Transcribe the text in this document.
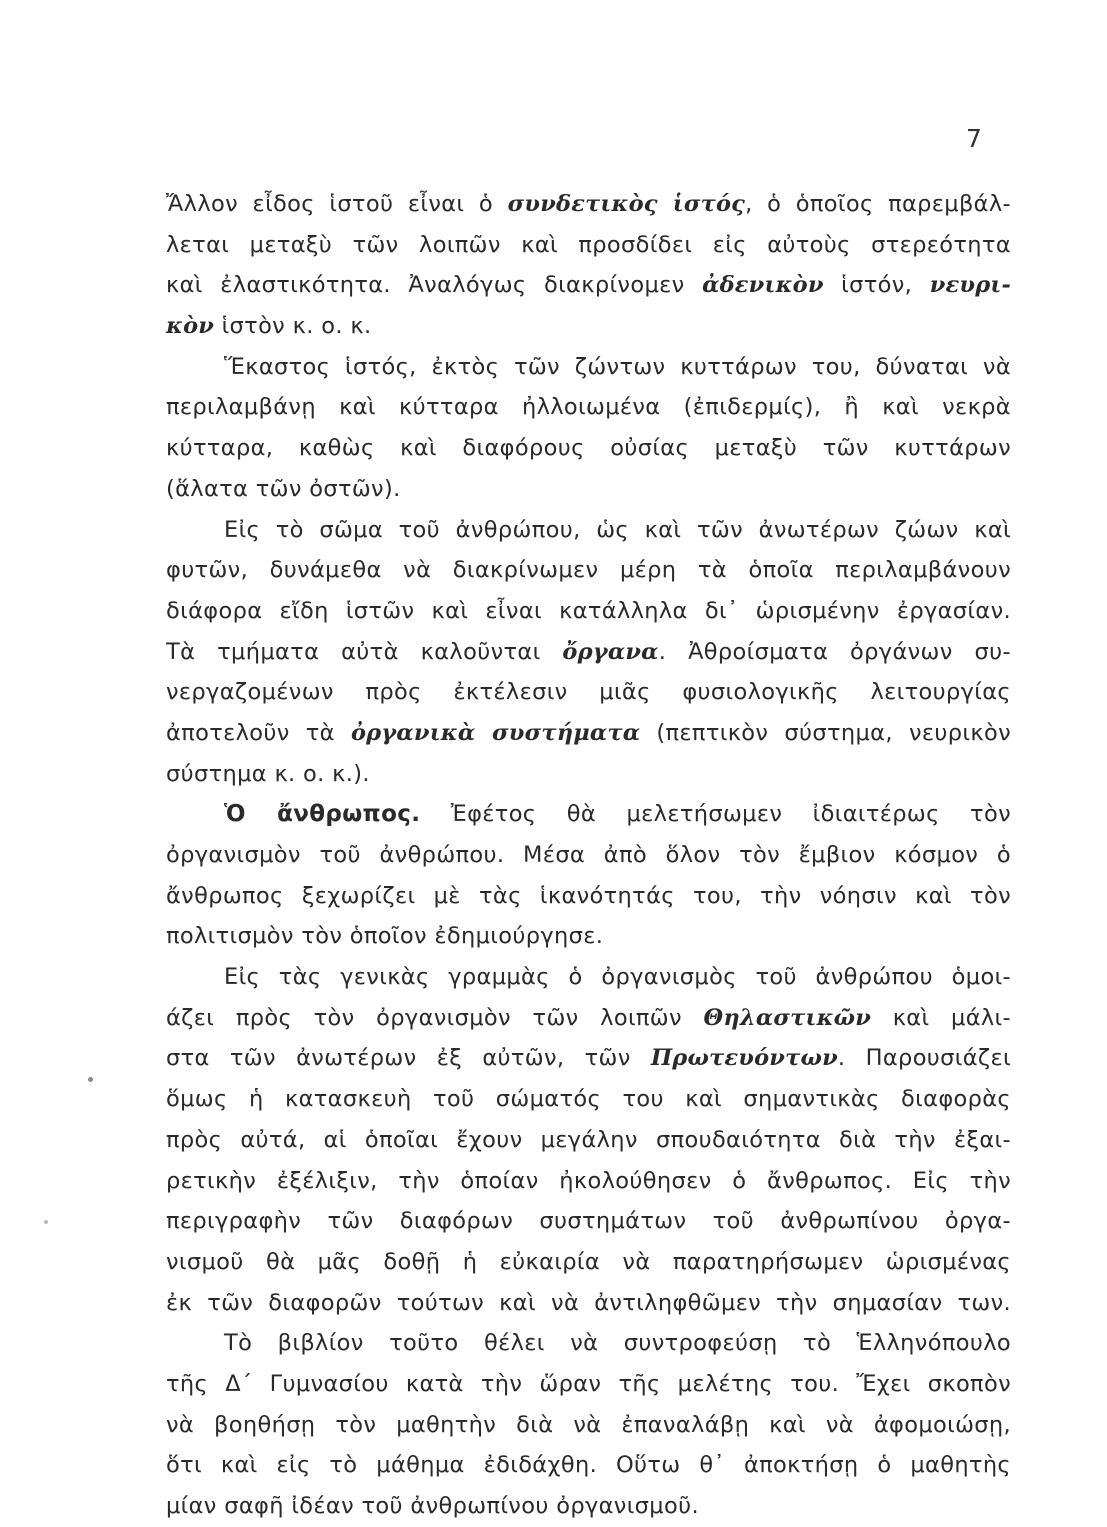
7
Ἄλλον εἶδος ἱστοῦ εἶναι ὁ συνδετικὸς ἱστός, ὁ ὁποῖος παρεμβάλ-
λεται μεταξὺ τῶν λοιπῶν καὶ προσδίδει εἰς αὐτοὺς στερεότητα
καὶ ἐλαστικότητα. Ἀναλόγως διακρίνομεν ἀδενικὸν ἱστόν, νευρι-
κὸν ἱστὸν κ. ο. κ.
Ἕκαστος ἱστός, ἐκτὸς τῶν ζώντων κυττάρων του, δύναται νὰ
περιλαμβάνῃ καὶ κύτταρα ἠλλοιωμένα (ἐπιδερμίς), ἢ καὶ νεκρὰ
κύτταρα, καθὼς καὶ διαφόρους οὐσίας μεταξὺ τῶν κυττάρων
(ἅλατα τῶν ὀστῶν).
Εἰς τὸ σῶμα τοῦ ἀνθρώπου, ὡς καὶ τῶν ἀνωτέρων ζώων καὶ
φυτῶν, δυνάμεθα νὰ διακρίνωμεν μέρη τὰ ὁποῖα περιλαμβάνουν
διάφορα εἴδη ἱστῶν καὶ εἶναι κατάλληλα δι᾿ ὡρισμένην ἐργασίαν.
Τὰ τμήματα αὐτὰ καλοῦνται ὄργανα. Ἀθροίσματα ὀργάνων συ-
νεργαζομένων πρὸς ἐκτέλεσιν μιᾶς φυσιολογικῆς λειτουργίας
ἀποτελοῦν τὰ ὀργανικὰ συστήματα (πεπτικὸν σύστημα, νευρικὸν
σύστημα κ. ο. κ.).
Ὁ ἄνθρωπος. Ἐφέτος θὰ μελετήσωμεν ἰδιαιτέρως τὸν
ὀργανισμὸν τοῦ ἀνθρώπου. Μέσα ἀπὸ ὅλον τὸν ἔμβιον κόσμον ὁ
ἄνθρωπος ξεχωρίζει μὲ τὰς ἱκανότητάς του, τὴν νόησιν καὶ τὸν
πολιτισμὸν τὸν ὁποῖον ἐδημιούργησε.
Εἰς τὰς γενικὰς γραμμὰς ὁ ὀργανισμὸς τοῦ ἀνθρώπου ὁμοι-
άζει πρὸς τὸν ὀργανισμὸν τῶν λοιπῶν Θηλαστικῶν καὶ μάλι-
στα τῶν ἀνωτέρων ἐξ αὐτῶν, τῶν Πρωτευόντων. Παρουσιάζει
ὅμως ἡ κατασκευὴ τοῦ σώματός του καὶ σημαντικὰς διαφορὰς
πρὸς αὐτά, αἱ ὁποῖαι ἔχουν μεγάλην σπουδαιότητα διὰ τὴν ἐξαι-
ρετικὴν ἐξέλιξιν, τὴν ὁποίαν ἠκολούθησεν ὁ ἄνθρωπος. Εἰς τὴν
περιγραφὴν τῶν διαφόρων συστημάτων τοῦ ἀνθρωπίνου ὀργα-
νισμοῦ θὰ μᾶς δοθῇ ἡ εὐκαιρία νὰ παρατηρήσωμεν ὡρισμένας
ἐκ τῶν διαφορῶν τούτων καὶ νὰ ἀντιληφθῶμεν τὴν σημασίαν των.
Τὸ βιβλίον τοῦτο θέλει νὰ συντροφεύσῃ τὸ Ἑλληνόπουλο
τῆς Δ΄ Γυμνασίου κατὰ τὴν ὥραν τῆς μελέτης του. Ἔχει σκοπὸν
νὰ βοηθήσῃ τὸν μαθητὴν διὰ νὰ ἐπαναλάβῃ καὶ νὰ ἀφομοιώσῃ,
ὅτι καὶ εἰς τὸ μάθημα ἐδιδάχθη. Οὕτω θ᾿ ἀποκτήσῃ ὁ μαθητὴς
μίαν σαφῆ ἰδέαν τοῦ ἀνθρωπίνου ὀργανισμοῦ.
